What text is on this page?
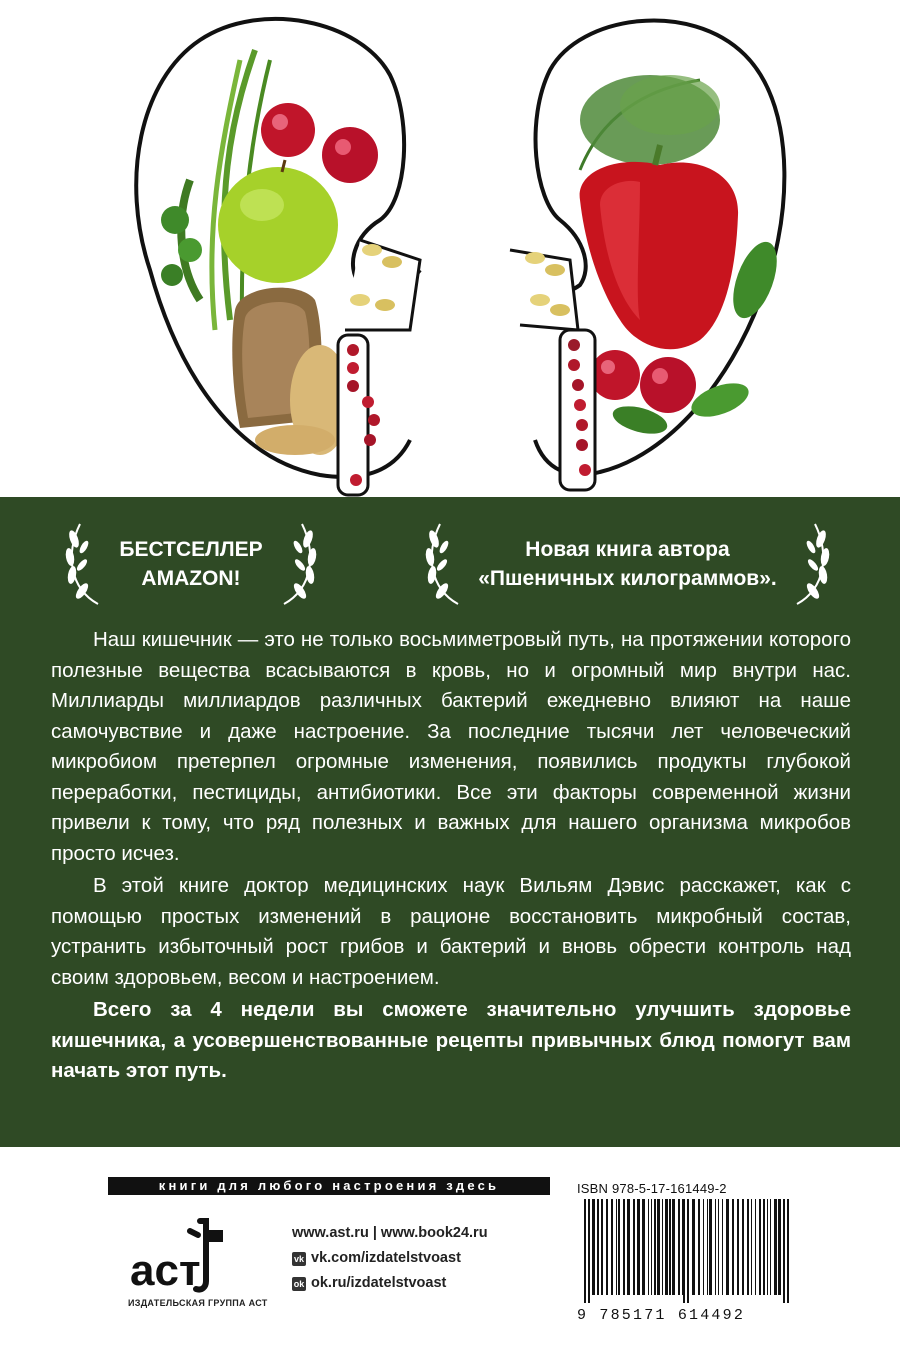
БЕСТСЕЛЛЕР
AMAZON!
Новая книга автора
«Пшеничных килограммов».

Наш кишечник — это не только восьмиметровый путь, на протяжении которого полезные вещества всасываются в кровь, но и огромный мир внутри нас. Миллиарды миллиардов различных бактерий ежедневно влияют на наше самочувствие и даже настроение. За последние тысячи лет человеческий микробиом претерпел огромные изменения, появились продукты глубокой переработки, пестициды, антибиотики. Все эти факторы современной жизни привели к тому, что ряд полезных и важных для нашего организма микробов просто исчез.

В этой книге доктор медицинских наук Вильям Дэвис расскажет, как с помощью простых изменений в рационе восстановить микробный состав, устранить избыточный рост грибов и бактерий и вновь обрести контроль над своим здоровьем, весом и настроением.

Всего за 4 недели вы сможете значительно улучшить здоровье кишечника, а усовершенствованные рецепты привычных блюд помогут вам начать этот путь.

книги для любого настроения здесь
аст
ИЗДАТЕЛЬСКАЯ ГРУППА АСТ
www.ast.ru | www.book24.ru
vk vk.com/izdatelstvoast
ok ok.ru/izdatelstvoast
ISBN 978-5-17-161449-2
9 785171 614492
